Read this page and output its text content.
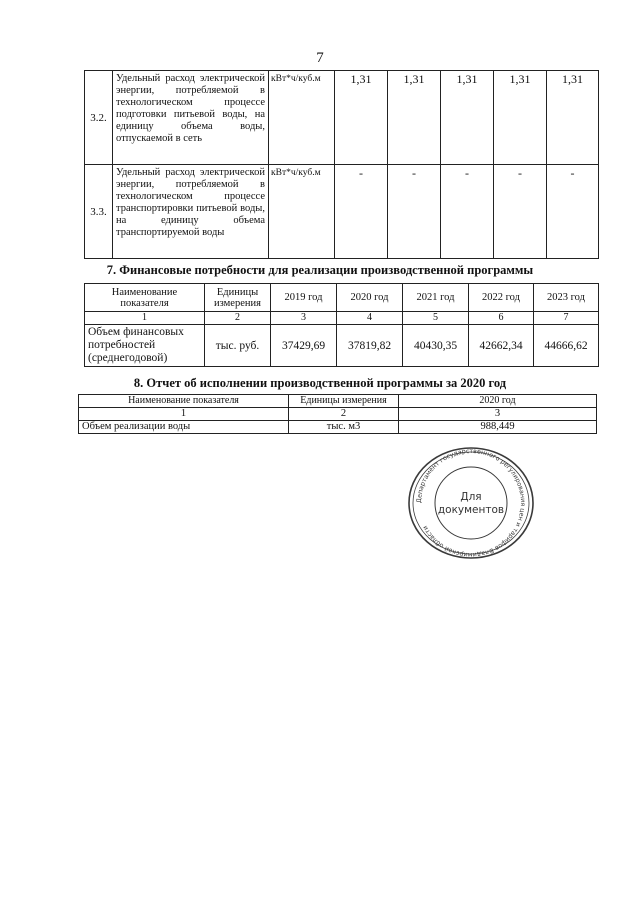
7
3.2.	Удельный расход электрической энергии, потребляемой в технологическом процессе подготовки питьевой воды, на единицу объема воды, отпускаемой в сеть	кВт*ч/куб.м	1,31	1,31	1,31	1,31	1,31
3.3.	Удельный расход электрической энергии, потребляемой в технологическом процессе транспортировки питьевой воды, на единицу объема транспортируемой воды	кВт*ч/куб.м	-	-	-	-	-
7. Финансовые потребности для реализации производственной программы
Наименование показателя	Единицы измерения	2019 год	2020 год	2021 год	2022 год	2023 год
1	2	3	4	5	6	7
Объем финансовых потребностей (среднегодовой)	тыс. руб.	37429,69	37819,82	40430,35	42662,34	44666,62
8. Отчет об исполнении производственной программы за 2020 год
Наименование показателя	Единицы измерения	2020 год
1	2	3
Объем реализации воды	тыс. м3	988,449
Департамент государственного регулирования цен и тарифов Владимирской области
Для
документов
